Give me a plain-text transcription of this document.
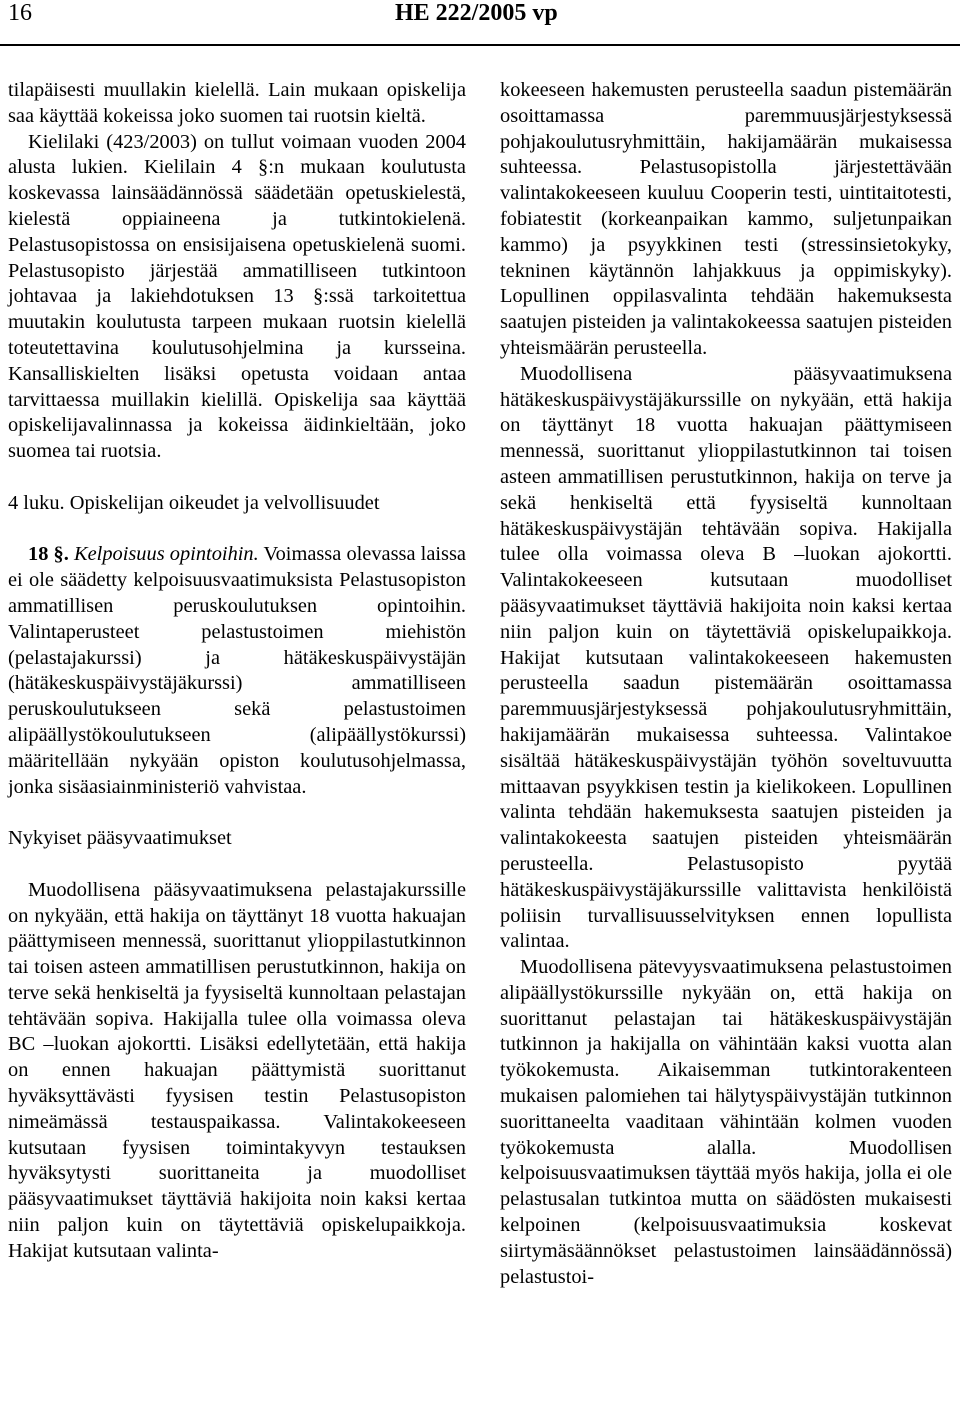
16	HE 222/2005 vp

tilapäisesti muullakin kielellä. Lain mukaan opiskelija saa käyttää kokeissa joko suomen tai ruotsin kieltä.

Kielilaki (423/2003) on tullut voimaan vuoden 2004 alusta lukien. Kielilain 4 §:n mukaan koulutusta koskevassa lainsäädännössä säädetään opetuskielestä, kielestä oppiaineena ja tutkintokielenä. Pelastusopistossa on ensisijaisena opetuskielenä suomi. Pelastusopisto järjestää ammatilliseen tutkintoon johtavaa ja lakiehdotuksen 13 §:ssä tarkoitettua muutakin koulutusta tarpeen mukaan ruotsin kielellä toteutettavina koulutusohjelmina ja kursseina. Kansalliskielten lisäksi opetusta voidaan antaa tarvittaessa muillakin kielillä. Opiskelija saa käyttää opiskelijavalinnassa ja kokeissa äidinkieltään, joko suomea tai ruotsia.

4 luku. Opiskelijan oikeudet ja velvollisuudet

18 §. Kelpoisuus opintoihin. Voimassa olevassa laissa ei ole säädetty kelpoisuusvaatimuksista Pelastusopiston ammatillisen peruskoulutuksen opintoihin. Valintaperusteet pelastustoimen miehistön (pelastajakurssi) ja hätäkeskuspäivystäjän (hätäkeskuspäivystäjäkurssi) ammatilliseen peruskoulutukseen sekä pelastustoimen alipäällystökoulutukseen (alipäällystökurssi) määritellään nykyään opiston koulutusohjelmassa, jonka sisäasiainministeriö vahvistaa.

Nykyiset pääsyvaatimukset

Muodollisena pääsyvaatimuksena pelastajakurssille on nykyään, että hakija on täyttänyt 18 vuotta hakuajan päättymiseen mennessä, suorittanut ylioppilastutkinnon tai toisen asteen ammatillisen perustutkinnon, hakija on terve sekä henkiseltä ja fyysiseltä kunnoltaan pelastajan tehtävään sopiva. Hakijalla tulee olla voimassa oleva BC –luokan ajokortti. Lisäksi edellytetään, että hakija on ennen hakuajan päättymistä suorittanut hyväksyttävästi fyysisen testin Pelastusopiston nimeämässä testauspaikassa. Valintakokeeseen kutsutaan fyysisen toimintakyvyn testauksen hyväksytysti suorittaneita ja muodolliset pääsyvaatimukset täyttäviä hakijoita noin kaksi kertaa niin paljon kuin on täytettäviä opiskelupaikkoja. Hakijat kutsutaan valinta-

kokeeseen hakemusten perusteella saadun pistemäärän osoittamassa paremmuusjärjestyksessä pohjakoulutusryhmittäin, hakijamäärän mukaisessa suhteessa. Pelastusopistolla järjestettävään valintakokeeseen kuuluu Cooperin testi, uintitaitotesti, fobiatestit (korkeanpaikan kammo, suljetunpaikan kammo) ja psyykkinen testi (stressinsietokyky, tekninen käytännön lahjakkuus ja oppimiskyky). Lopullinen oppilasvalinta tehdään hakemuksesta saatujen pisteiden ja valintakokeessa saatujen pisteiden yhteismäärän perusteella.

Muodollisena pääsyvaatimuksena hätäkeskuspäivystäjäkurssille on nykyään, että hakija on täyttänyt 18 vuotta hakuajan päättymiseen mennessä, suorittanut ylioppilastutkinnon tai toisen asteen ammatillisen perustutkinnon, hakija on terve ja sekä henkiseltä että fyysiseltä kunnoltaan hätäkeskuspäivystäjän tehtävään sopiva. Hakijalla tulee olla voimassa oleva B –luokan ajokortti. Valintakokeeseen kutsutaan muodolliset pääsyvaatimukset täyttäviä hakijoita noin kaksi kertaa niin paljon kuin on täytettäviä opiskelupaikkoja. Hakijat kutsutaan valintakokeeseen hakemusten perusteella saadun pistemäärän osoittamassa paremmuusjärjestyksessä pohjakoulutusryhmittäin, hakijamäärän mukaisessa suhteessa. Valintakoe sisältää hätäkeskuspäivystäjän työhön soveltuvuutta mittaavan psyykkisen testin ja kielikokeen. Lopullinen valinta tehdään hakemuksesta saatujen pisteiden ja valintakokeesta saatujen pisteiden yhteismäärän perusteella. Pelastusopisto pyytää hätäkeskuspäivystäjäkurssille valittavista henkilöistä poliisin turvallisuusselvityksen ennen lopullista valintaa.

Muodollisena pätevyysvaatimuksena pelastustoimen alipäällystökurssille nykyään on, että hakija on suorittanut pelastajan tai hätäkeskuspäivystäjän tutkinnon ja hakijalla on vähintään kaksi vuotta alan työkokemusta. Aikaisemman tutkintorakenteen mukaisen palomiehen tai hälytyspäivystäjän tutkinnon suorittaneelta vaaditaan vähintään kolmen vuoden työkokemusta alalla. Muodollisen kelpoisuusvaatimuksen täyttää myös hakija, jolla ei ole pelastusalan tutkintoa mutta on säädösten mukaisesti kelpoinen (kelpoisuusvaatimuksia koskevat siirtymäsäännökset pelastustoimen lainsäädännössä) pelastustoi-
